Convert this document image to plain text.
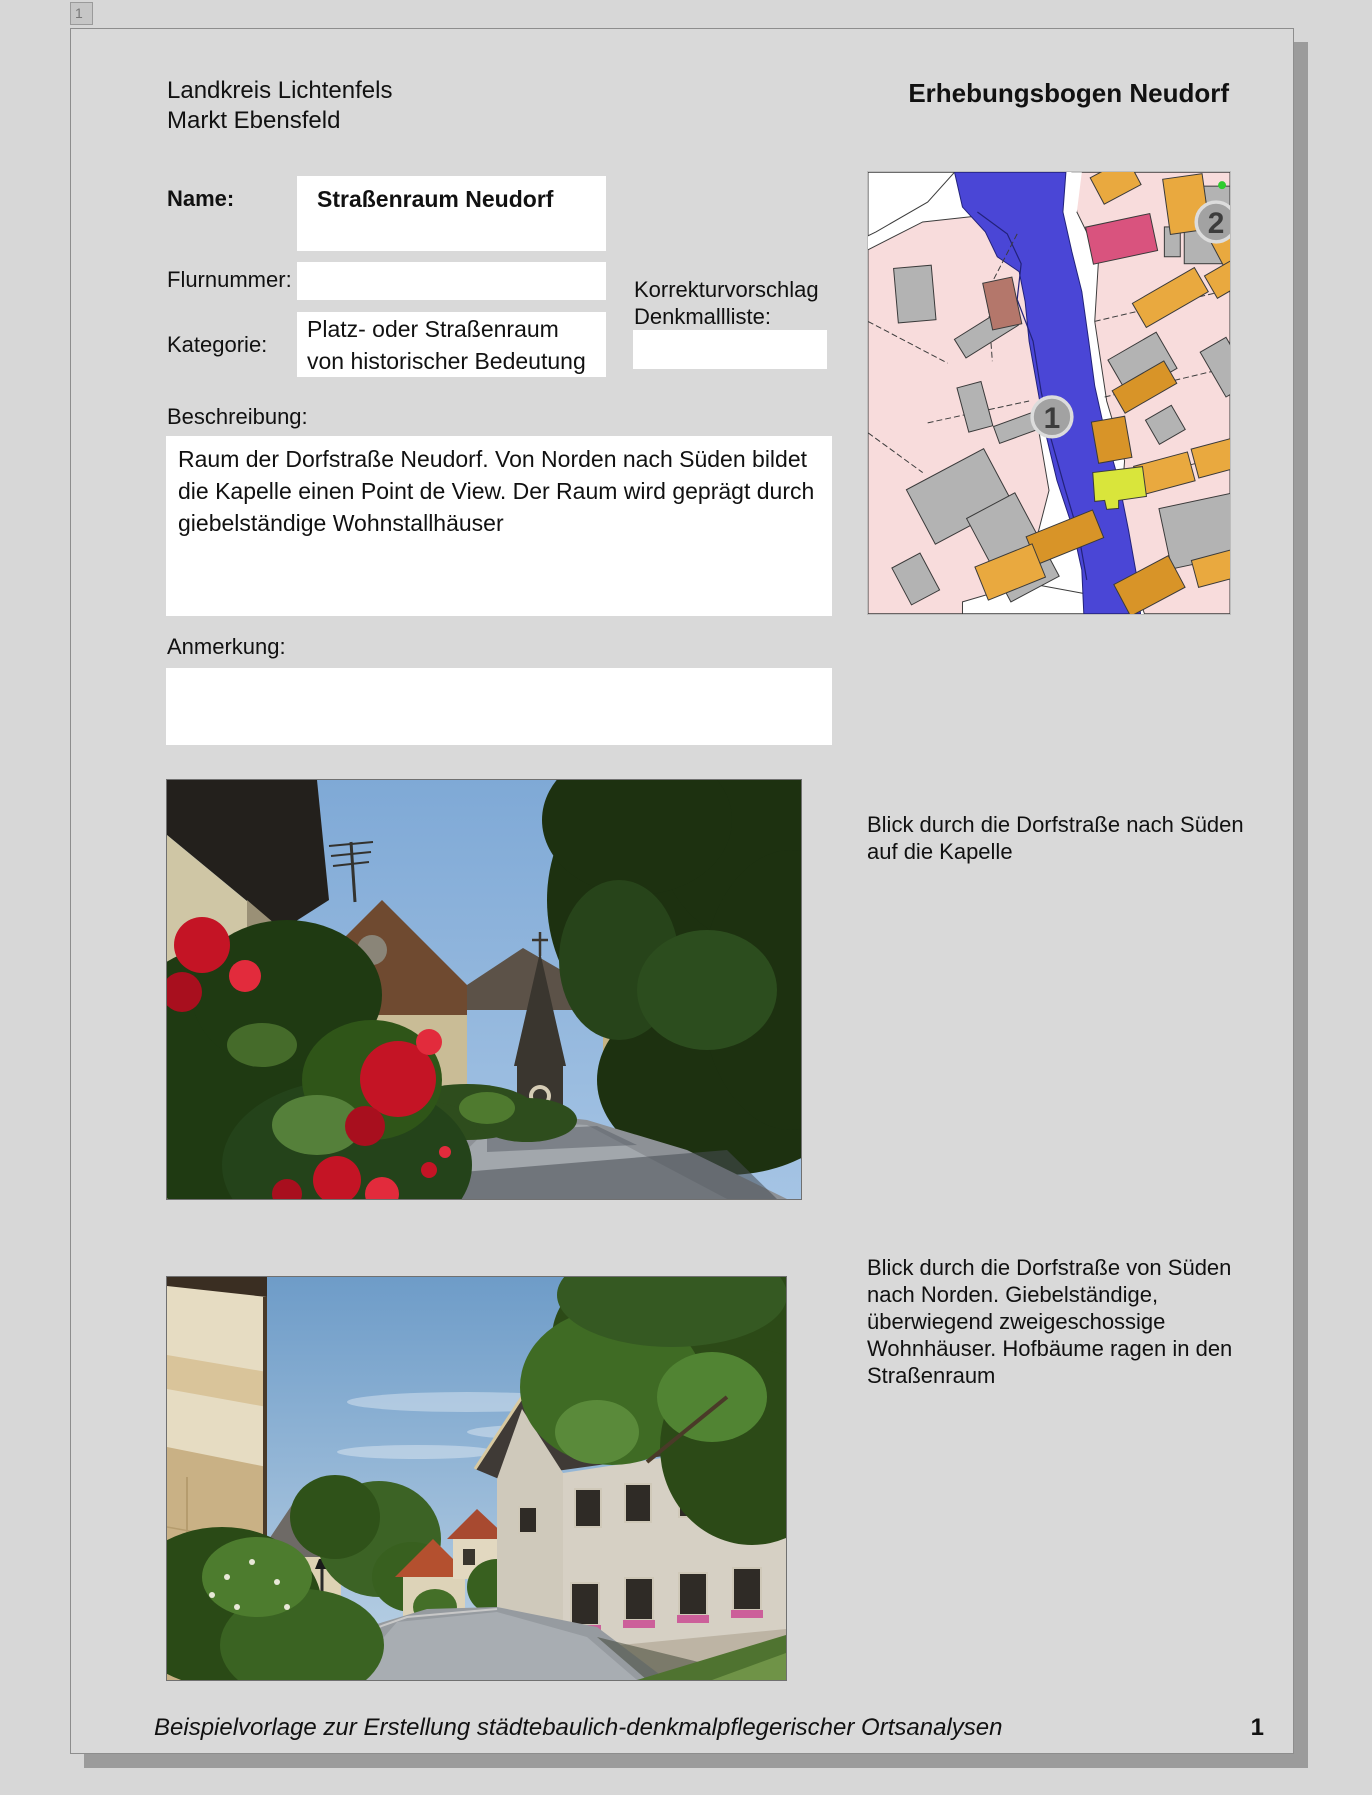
1
Landkreis Lichtenfels
Markt Ebensfeld
Erhebungsbogen Neudorf
Name:	Straßenraum Neudorf
Flurnummer:
Kategorie:
Platz- oder Straßenraum von historischer Bedeutung
Korrekturvorschlag
Denkmallliste:
Beschreibung:
Raum der Dorfstraße Neudorf. Von Norden nach Süden bildet die Kapelle einen Point de View. Der Raum wird geprägt durch giebelständige Wohnstallhäuser
Anmerkung:
1
2
Blick durch die Dorfstraße nach Süden auf die Kapelle
Blick durch die Dorfstraße von Süden nach Norden. Giebelständige, überwiegend zweigeschossige Wohnhäuser. Hofbäume ragen in den Straßenraum
Beispielvorlage zur Erstellung städtebaulich-denkmalpflegerischer Ortsanalysen	1
